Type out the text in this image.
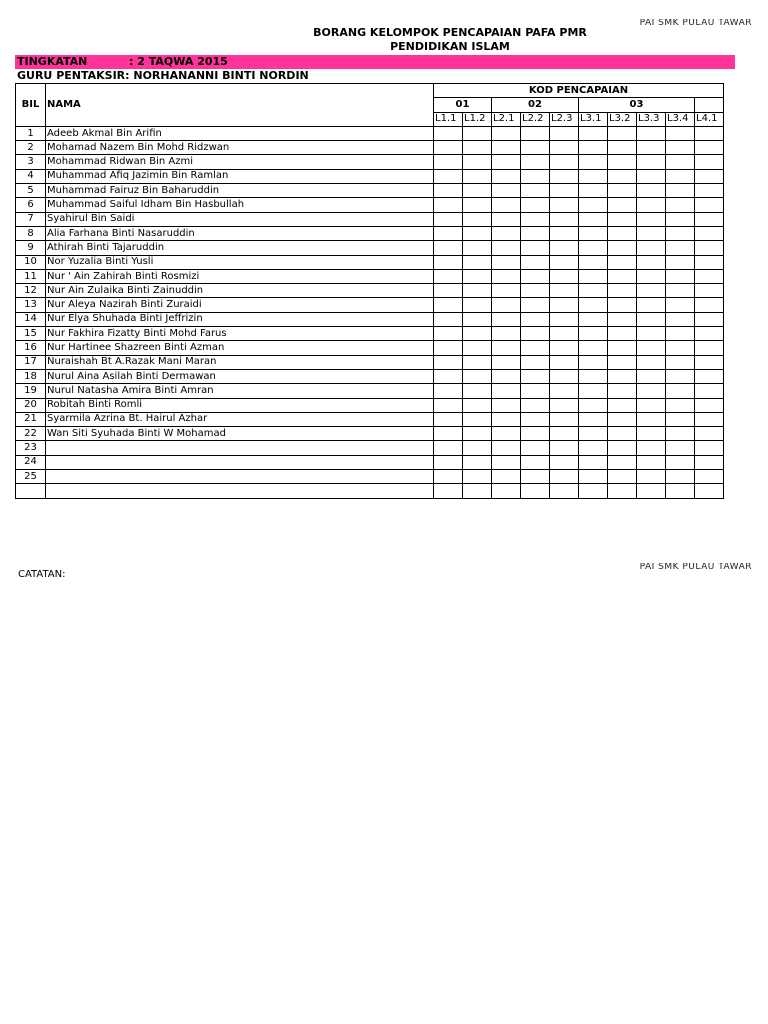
PAI SMK PULAU TAWAR
BORANG KELOMPOK PENCAPAIAN PAFA PMR
PENDIDIKAN ISLAM
TINGKATAN	: 2 TAQWA 2015
GURU PENTAKSIR: NORHANANNI BINTI NORDIN
BIL	NAMA	KOD PENCAPAIAN									
		01		02			03				
		L1.1	L1.2	L2.1	L2.2	L2.3	L3.1	L3.2	L3.3	L3.4	L4.1
1	Adeeb Akmal Bin Arifin										
2	Mohamad Nazem Bin Mohd Ridzwan										
3	Mohammad Ridwan Bin Azmi										
4	Muhammad Afiq Jazimin Bin Ramlan										
5	Muhammad Fairuz Bin Baharuddin										
6	Muhammad Saiful Idham Bin Hasbullah										
7	Syahirul Bin Saidi										
8	Alia Farhana Binti Nasaruddin										
9	Athirah Binti Tajaruddin										
10	Nor Yuzalia Binti Yusli										
11	Nur ' Ain Zahirah Binti Rosmizi										
12	Nur Ain Zulaika Binti Zainuddin										
13	Nur Aleya Nazirah Binti Zuraidi										
14	Nur Elya Shuhada Binti Jeffrizin										
15	Nur Fakhira Fizatty Binti Mohd Farus										
16	Nur Hartinee Shazreen Binti Azman										
17	Nuraishah Bt A.Razak Mani Maran										
18	Nurul Aina Asilah Binti Dermawan										
19	Nurul Natasha Amira Binti Amran										
20	Robitah Binti Romli										
21	Syarmila Azrina Bt. Hairul Azhar										
22	Wan Siti Syuhada Binti W Mohamad										
23											
24											
25											

PAI SMK PULAU TAWAR
CATATAN:
